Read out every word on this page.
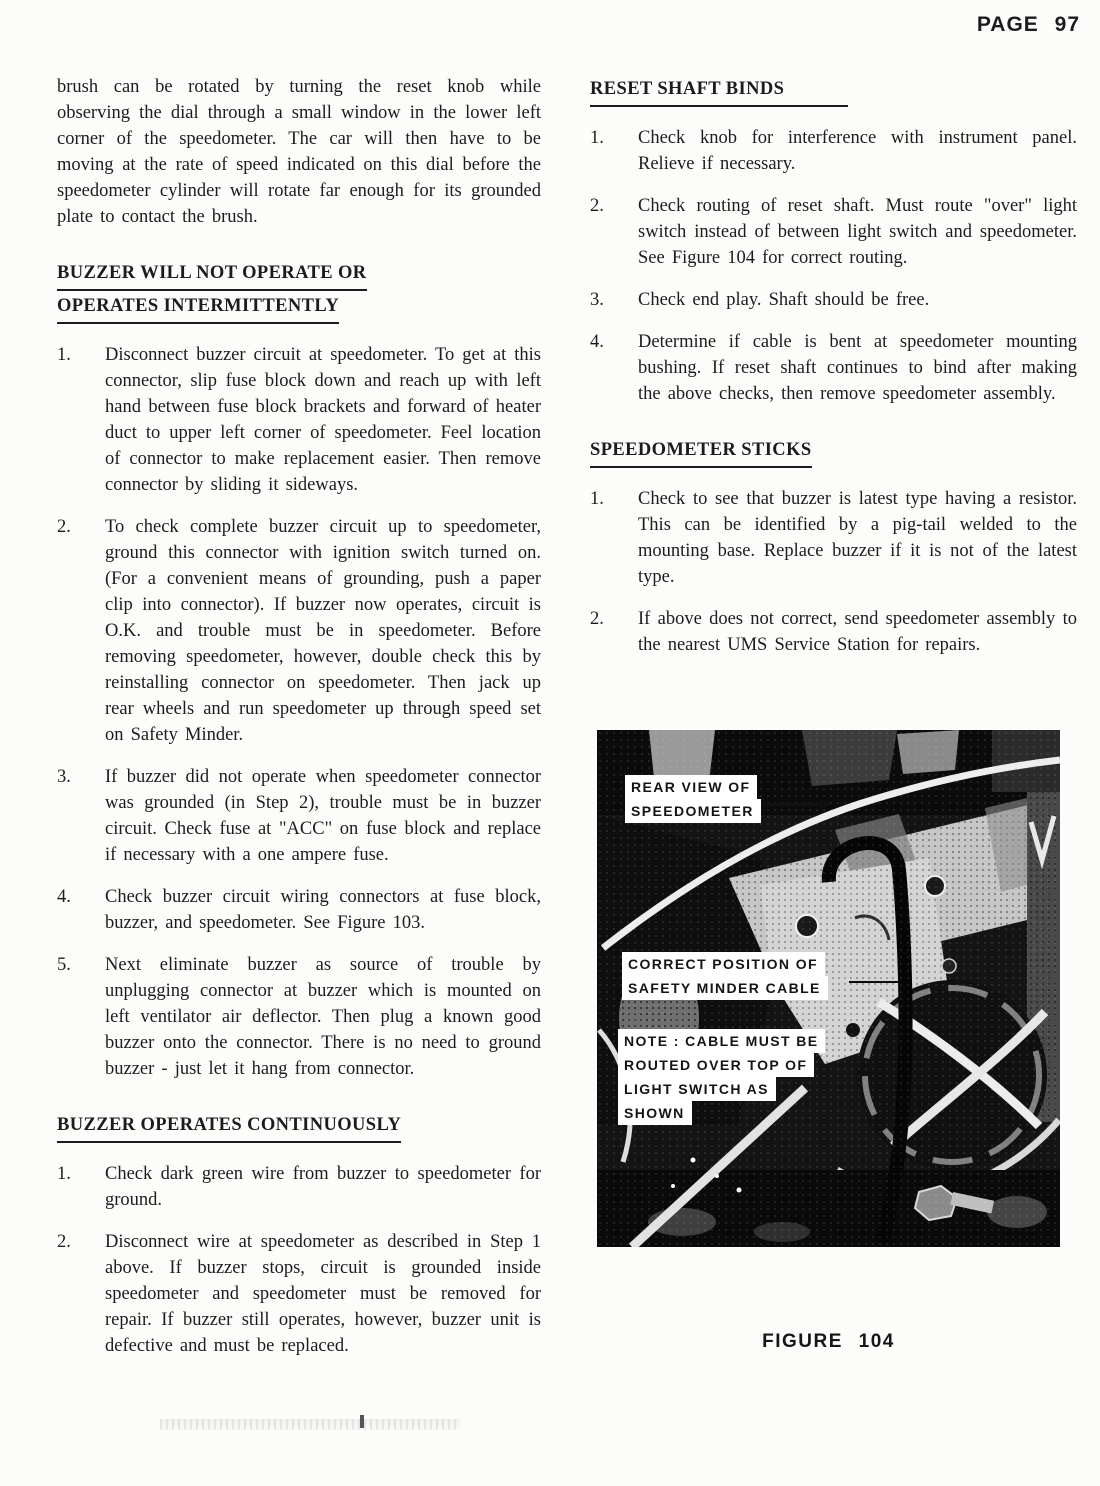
PAGE 97

brush can be rotated by turning the reset knob while observing the dial through a small window in the lower left corner of the speedometer. The car will then have to be moving at the rate of speed indicated on this dial before the speedometer cylinder will rotate far enough for its grounded plate to contact the brush.

BUZZER WILL NOT OPERATE OR
OPERATES INTERMITTENTLY
1.	Disconnect buzzer circuit at speedometer. To get at this connector, slip fuse block down and reach up with left hand between fuse block brackets and forward of heater duct to upper left corner of speedometer. Feel location of connector to make replacement easier. Then remove connector by sliding it sideways.
2.	To check complete buzzer circuit up to speedometer, ground this connector with ignition switch turned on. (For a convenient means of grounding, push a paper clip into connector). If buzzer now operates, circuit is O.K. and trouble must be in speedometer. Before removing speedometer, however, double check this by reinstalling connector on speedometer. Then jack up rear wheels and run speedometer up through speed set on Safety Minder.
3.	If buzzer did not operate when speedometer connector was grounded (in Step 2), trouble must be in buzzer circuit. Check fuse at "ACC" on fuse block and replace if necessary with a one ampere fuse.
4.	Check buzzer circuit wiring connectors at fuse block, buzzer, and speedometer. See Figure 103.
5.	Next eliminate buzzer as source of trouble by unplugging connector at buzzer which is mounted on left ventilator air deflector. Then plug a known good buzzer onto the connector. There is no need to ground buzzer - just let it hang from connector.
BUZZER OPERATES CONTINUOUSLY
1.	Check dark green wire from buzzer to speedometer for ground.
2.	Disconnect wire at speedometer as described in Step 1 above. If buzzer stops, circuit is grounded inside speedometer and speedometer must be removed for repair. If buzzer still operates, however, buzzer unit is defective and must be replaced.
RESET SHAFT BINDS
1.	Check knob for interference with instrument panel. Relieve if necessary.
2.	Check routing of reset shaft. Must route "over" light switch instead of between light switch and speedometer. See Figure 104 for correct routing.
3.	Check end play. Shaft should be free.
4.	Determine if cable is bent at speedometer mounting bushing. If reset shaft continues to bind after making the above checks, then remove speedometer assembly.
SPEEDOMETER STICKS
1.	Check to see that buzzer is latest type having a resistor. This can be identified by a pig-tail welded to the mounting base. Replace buzzer if it is not of the latest type.
2.	If above does not correct, send speedometer assembly to the nearest UMS Service Station for repairs.
REAR VIEW OF
SPEEDOMETER
CORRECT POSITION OF
SAFETY MINDER CABLE
NOTE : CABLE MUST BE
ROUTED OVER TOP OF
LIGHT SWITCH AS
SHOWN
FIGURE 104
